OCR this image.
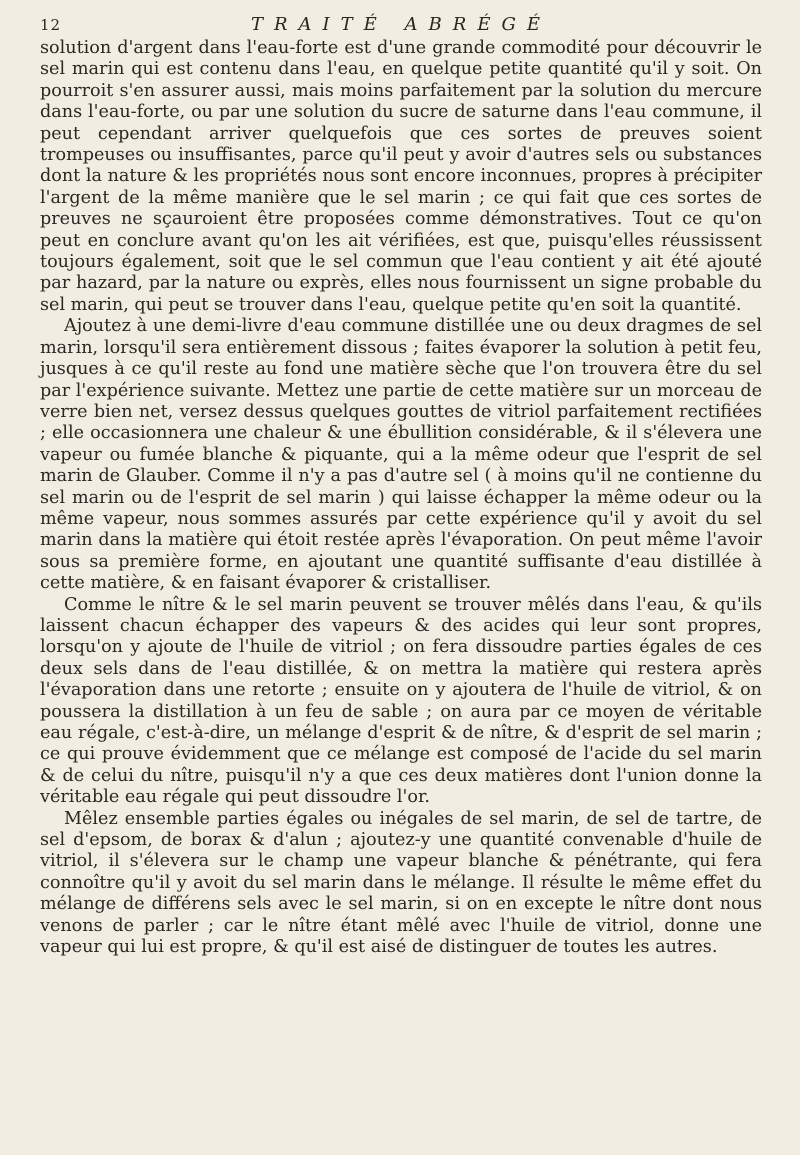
12	TRAITÉ ABRÉGÉ

solution d'argent dans l'eau-forte est d'une grande commodité pour découvrir le sel marin qui est contenu dans l'eau, en quelque petite quantité qu'il y soit. On pourroit s'en assurer aussi, mais moins parfaitement par la solution du mercure dans l'eau-forte, ou par une solution du sucre de saturne dans l'eau commune, il peut cependant arriver quelquefois que ces sortes de preuves soient trompeuses ou insuffisantes, parce qu'il peut y avoir d'autres sels ou substances dont la nature & les propriétés nous sont encore inconnues, propres à précipiter l'argent de la même manière que le sel marin ; ce qui fait que ces sortes de preuves ne sçauroient être proposées comme démonstratives. Tout ce qu'on peut en conclure avant qu'on les ait vérifiées, est que, puisqu'elles réussissent toujours également, soit que le sel commun que l'eau contient y ait été ajouté par hazard, par la nature ou exprès, elles nous fournissent un signe probable du sel marin, qui peut se trouver dans l'eau, quelque petite qu'en soit la quantité.

Ajoutez à une demi-livre d'eau commune distillée une ou deux dragmes de sel marin, lorsqu'il sera entièrement dissous ; faites évaporer la solution à petit feu, jusques à ce qu'il reste au fond une matière sèche que l'on trouvera être du sel par l'expérience suivante. Mettez une partie de cette matière sur un morceau de verre bien net, versez dessus quelques gouttes de vitriol parfaitement rectifiées ; elle occasionnera une chaleur & une ébullition considérable, & il s'élevera une vapeur ou fumée blanche & piquante, qui a la même odeur que l'esprit de sel marin de Glauber. Comme il n'y a pas d'autre sel ( à moins qu'il ne contienne du sel marin ou de l'esprit de sel marin ) qui laisse échapper la même odeur ou la même vapeur, nous sommes assurés par cette expérience qu'il y avoit du sel marin dans la matière qui étoit restée après l'évaporation. On peut même l'avoir sous sa première forme, en ajoutant une quantité suffisante d'eau distillée à cette matière, & en faisant évaporer & cristalliser.

Comme le nître & le sel marin peuvent se trouver mêlés dans l'eau, & qu'ils laissent chacun échapper des vapeurs & des acides qui leur sont propres, lorsqu'on y ajoute de l'huile de vitriol ; on fera dissoudre parties égales de ces deux sels dans de l'eau distillée, & on mettra la matière qui restera après l'évaporation dans une retorte ; ensuite on y ajoutera de l'huile de vitriol, & on poussera la distillation à un feu de sable ; on aura par ce moyen de véritable eau régale, c'est-à-dire, un mélange d'esprit & de nître, & d'esprit de sel marin ; ce qui prouve évidemment que ce mélange est composé de l'acide du sel marin & de celui du nître, puisqu'il n'y a que ces deux matières dont l'union donne la véritable eau régale qui peut dissoudre l'or.

Mêlez ensemble parties égales ou inégales de sel marin, de sel de tartre, de sel d'epsom, de borax & d'alun ; ajoutez-y une quantité convenable d'huile de vitriol, il s'élevera sur le champ une vapeur blanche & pénétrante, qui fera connoître qu'il y avoit du sel marin dans le mélange. Il résulte le même effet du mélange de différens sels avec le sel marin, si on en excepte le nître dont nous venons de parler ; car le nître étant mêlé avec l'huile de vitriol, donne une vapeur qui lui est propre, & qu'il est aisé de distinguer de toutes les autres.
